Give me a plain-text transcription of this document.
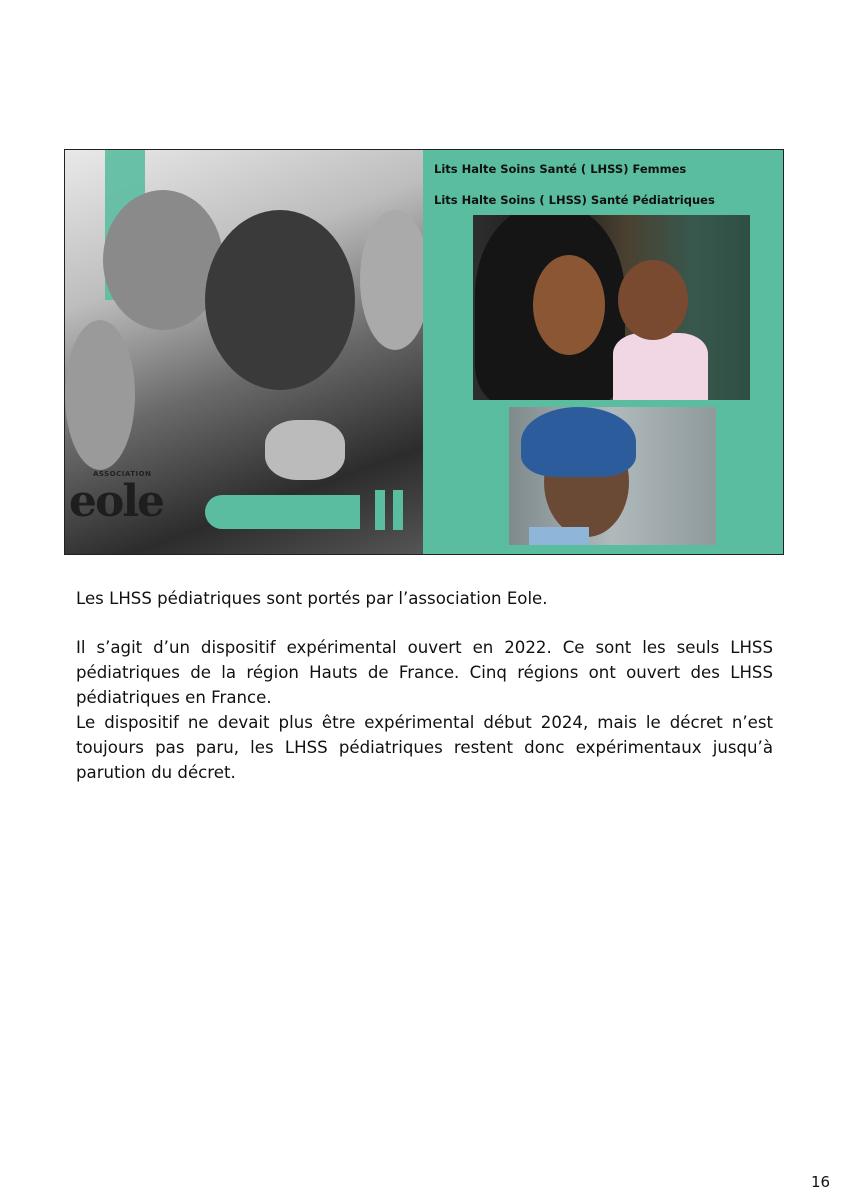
ASSOCIATION
eole
Lits Halte Soins Santé ( LHSS) Femmes
Lits Halte Soins ( LHSS) Santé Pédiatriques

Les LHSS pédiatriques sont portés par l’association Eole.

Il s’agit d’un dispositif expérimental ouvert en 2022. Ce sont les seuls LHSS pédiatriques de la région Hauts de France. Cinq régions ont ouvert des LHSS pédiatriques en France.

Le dispositif ne devait plus être expérimental début 2024, mais le décret n’est toujours pas paru, les LHSS pédiatriques restent donc expérimentaux jusqu’à parution du décret.

16
